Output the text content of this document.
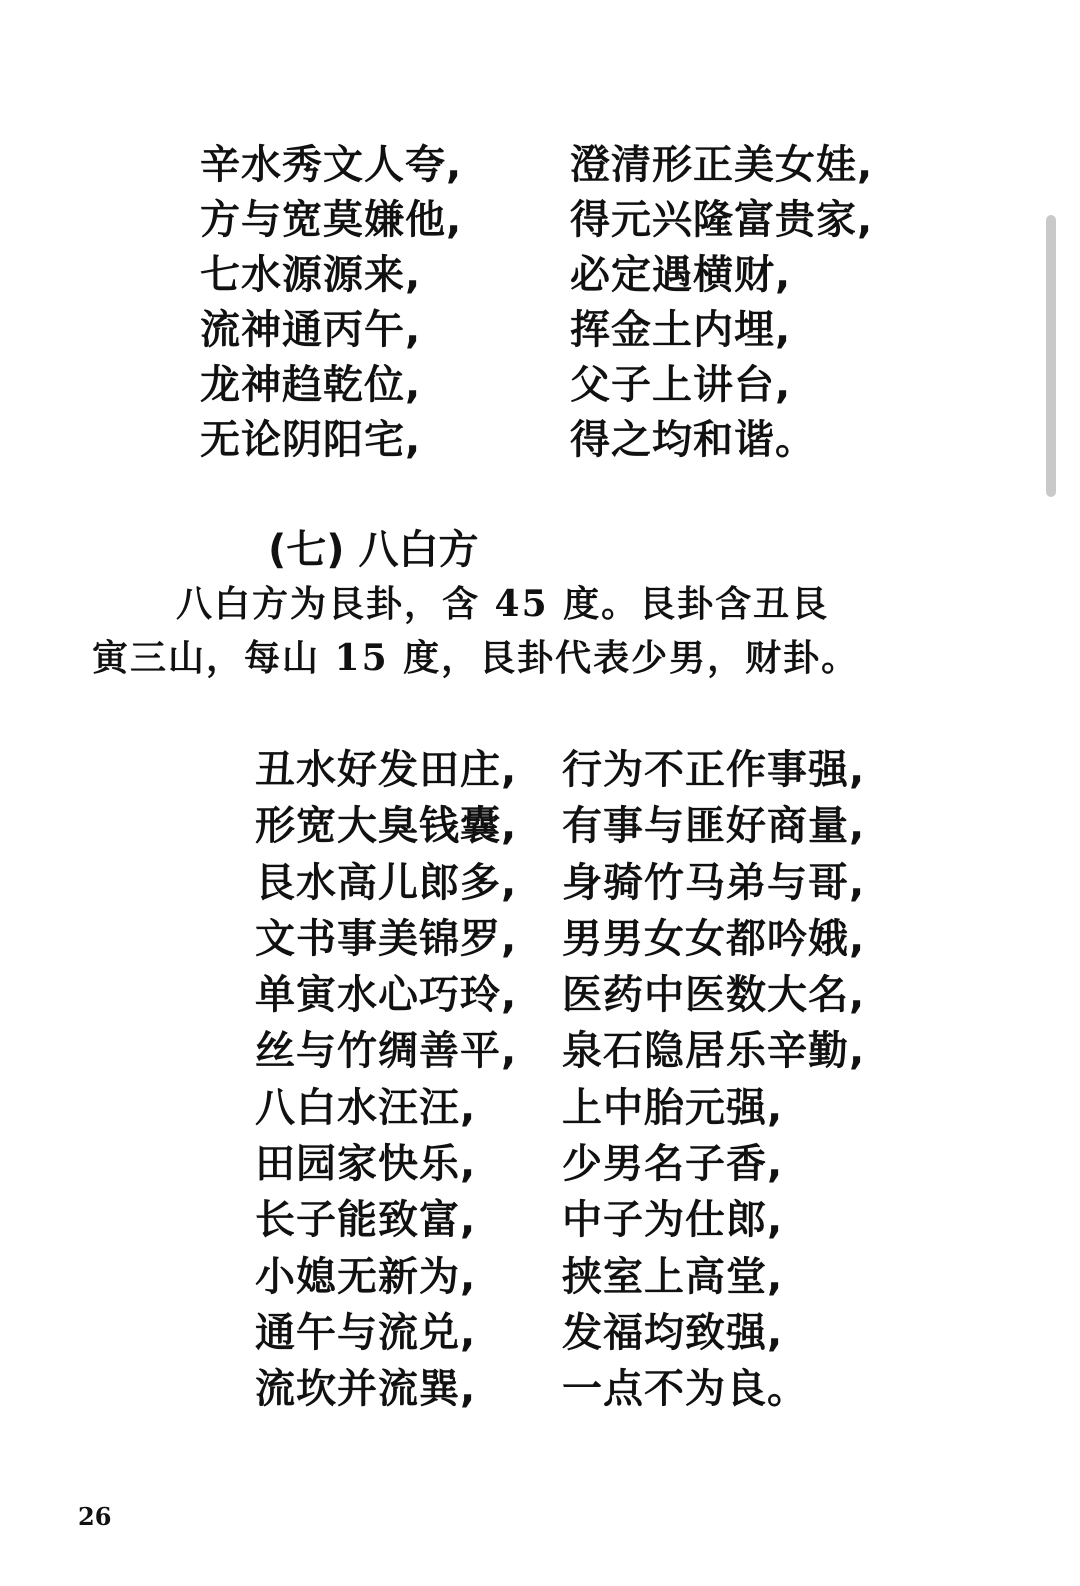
辛水秀文人夸,	澄清形正美女娃,
方与宽莫嫌他,	得元兴隆富贵家,
七水源源来,	必定遇横财,
流神通丙午,	挥金土内埋,
龙神趋乾位,	父子上讲台,
无论阴阳宅,	得之均和谐。
(七) 八白方
八白方为艮卦，含 45 度。艮卦含丑艮
寅三山，每山 15 度，艮卦代表少男，财卦。
丑水好发田庄, 行为不正作事强,
形宽大臭钱囊, 有事与匪好商量,
艮水高儿郎多, 身骑竹马弟与哥,
文书事美锦罗, 男男女女都吟娥,
单寅水心巧玲, 医药中医数大名,
丝与竹绸善平, 泉石隐居乐辛勤,
八白水汪汪, 上中胎元强,
田园家快乐, 少男名子香,
长子能致富, 中子为仕郎,
小媳无新为, 挟室上高堂,
通午与流兑, 发福均致强,
流坎并流巽, 一点不为良。
26
